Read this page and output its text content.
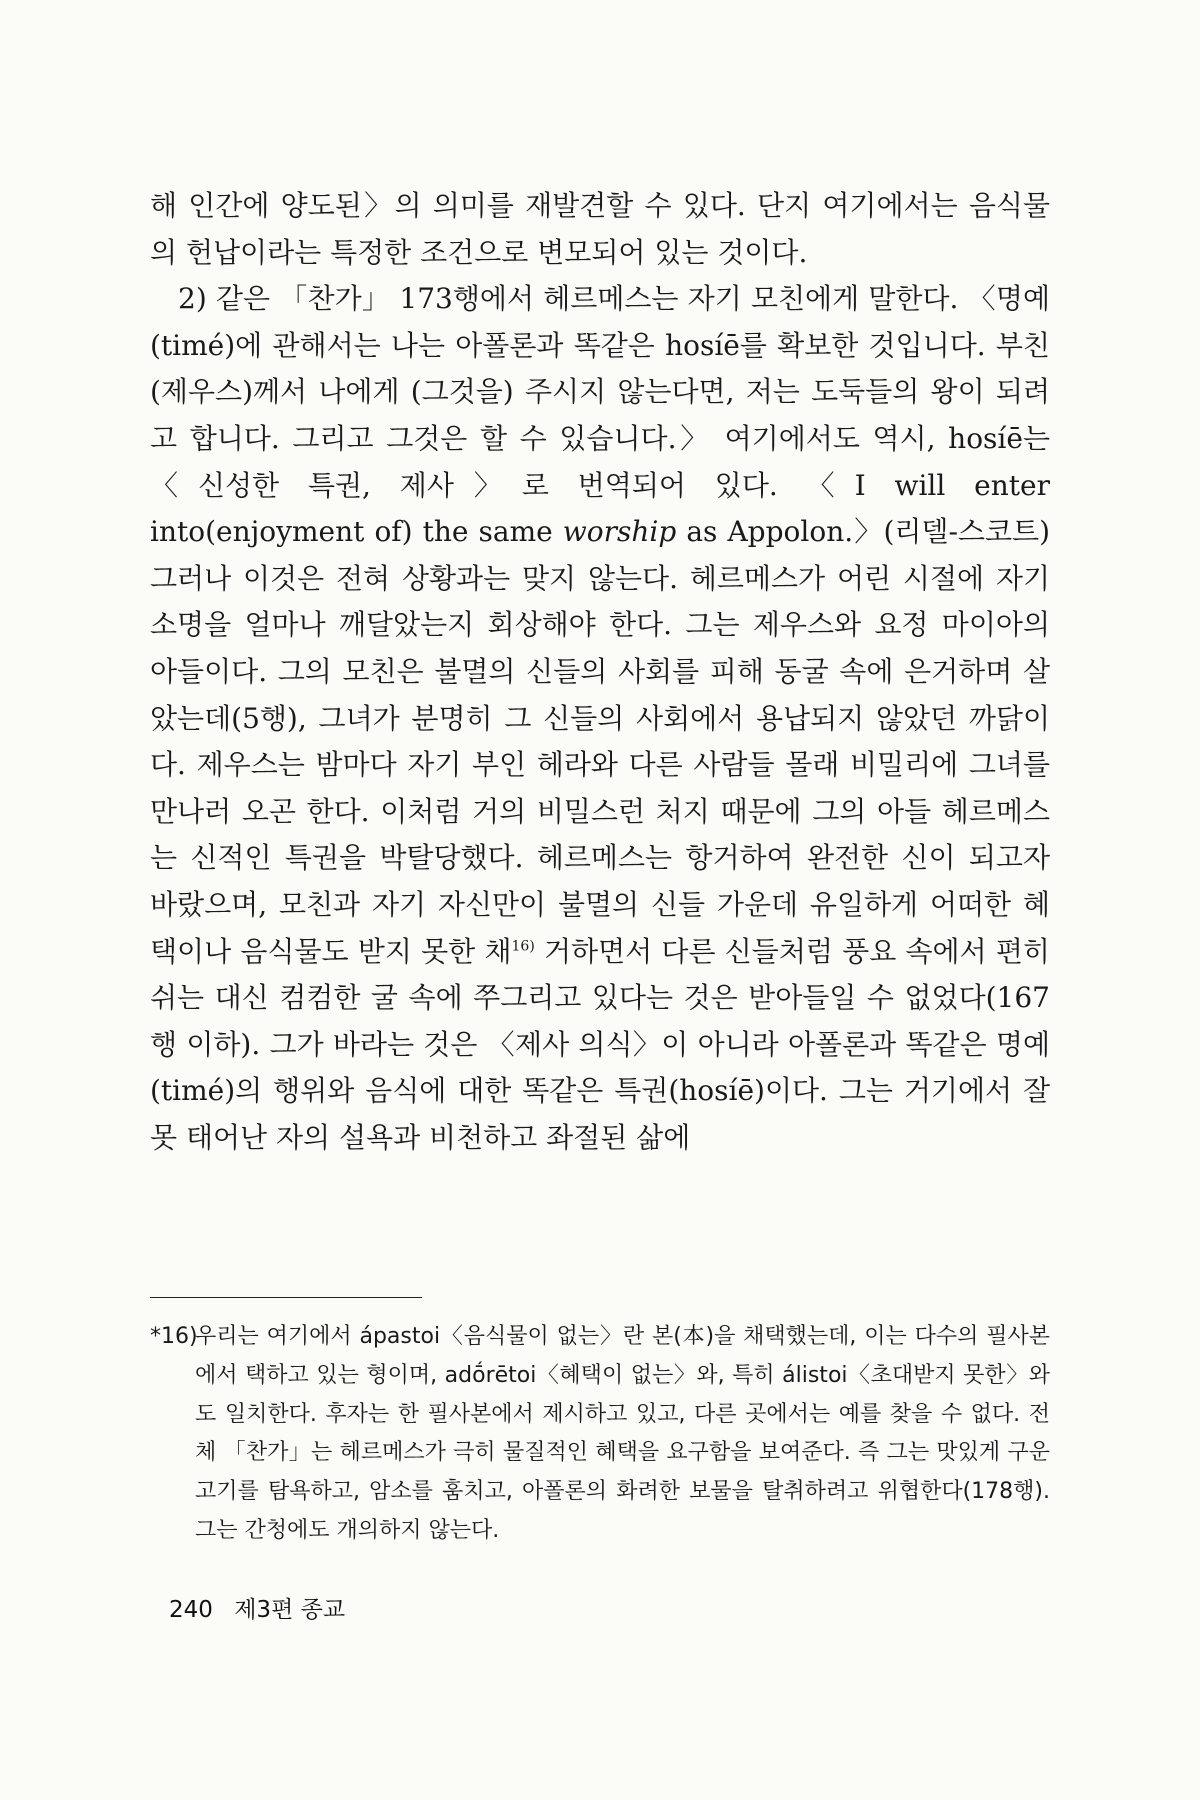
해 인간에 양도된〉의 의미를 재발견할 수 있다. 단지 여기에서는 음식물의 헌납이라는 특정한 조건으로 변모되어 있는 것이다.

2) 같은 「찬가」 173행에서 헤르메스는 자기 모친에게 말한다. 〈명예(timé)에 관해서는 나는 아폴론과 똑같은 hosíē를 확보한 것입니다. 부친(제우스)께서 나에게 (그것을) 주시지 않는다면, 저는 도둑들의 왕이 되려고 합니다. 그리고 그것은 할 수 있습니다.〉 여기에서도 역시, hosíē는 〈신성한 특권, 제사〉로 번역되어 있다. 〈I will enter into(enjoyment of) the same worship as Appolon.〉(리델-스코트) 그러나 이것은 전혀 상황과는 맞지 않는다. 헤르메스가 어린 시절에 자기 소명을 얼마나 깨달았는지 회상해야 한다. 그는 제우스와 요정 마이아의 아들이다. 그의 모친은 불멸의 신들의 사회를 피해 동굴 속에 은거하며 살았는데(5행), 그녀가 분명히 그 신들의 사회에서 용납되지 않았던 까닭이다. 제우스는 밤마다 자기 부인 헤라와 다른 사람들 몰래 비밀리에 그녀를 만나러 오곤 한다. 이처럼 거의 비밀스런 처지 때문에 그의 아들 헤르메스는 신적인 특권을 박탈당했다. 헤르메스는 항거하여 완전한 신이 되고자 바랐으며, 모친과 자기 자신만이 불멸의 신들 가운데 유일하게 어떠한 혜택이나 음식물도 받지 못한 채$^{16)}$ 거하면서 다른 신들처럼 풍요 속에서 편히 쉬는 대신 컴컴한 굴 속에 쭈그리고 있다는 것은 받아들일 수 없었다(167행 이하). 그가 바라는 것은 〈제사 의식〉이 아니라 아폴론과 똑같은 명예(timé)의 행위와 음식에 대한 똑같은 특권(hosíē)이다. 그는 거기에서 잘못 태어난 자의 설욕과 비천하고 좌절된 삶에

*16)
우리는 여기에서 ápastoi〈음식물이 없는〉란 본(本)을 채택했는데, 이는 다수의 필사본에서 택하고 있는 형이며, adṓrētoi〈혜택이 없는〉와, 특히 álistoi〈초대받지 못한〉와도 일치한다. 후자는 한 필사본에서 제시하고 있고, 다른 곳에서는 예를 찾을 수 없다. 전체 「찬가」는 헤르메스가 극히 물질적인 혜택을 요구함을 보여준다. 즉 그는 맛있게 구운 고기를 탐욕하고, 암소를 훔치고, 아폴론의 화려한 보물을 탈취하려고 위협한다(178행). 그는 간청에도 개의하지 않는다.
240 제3편 종교
